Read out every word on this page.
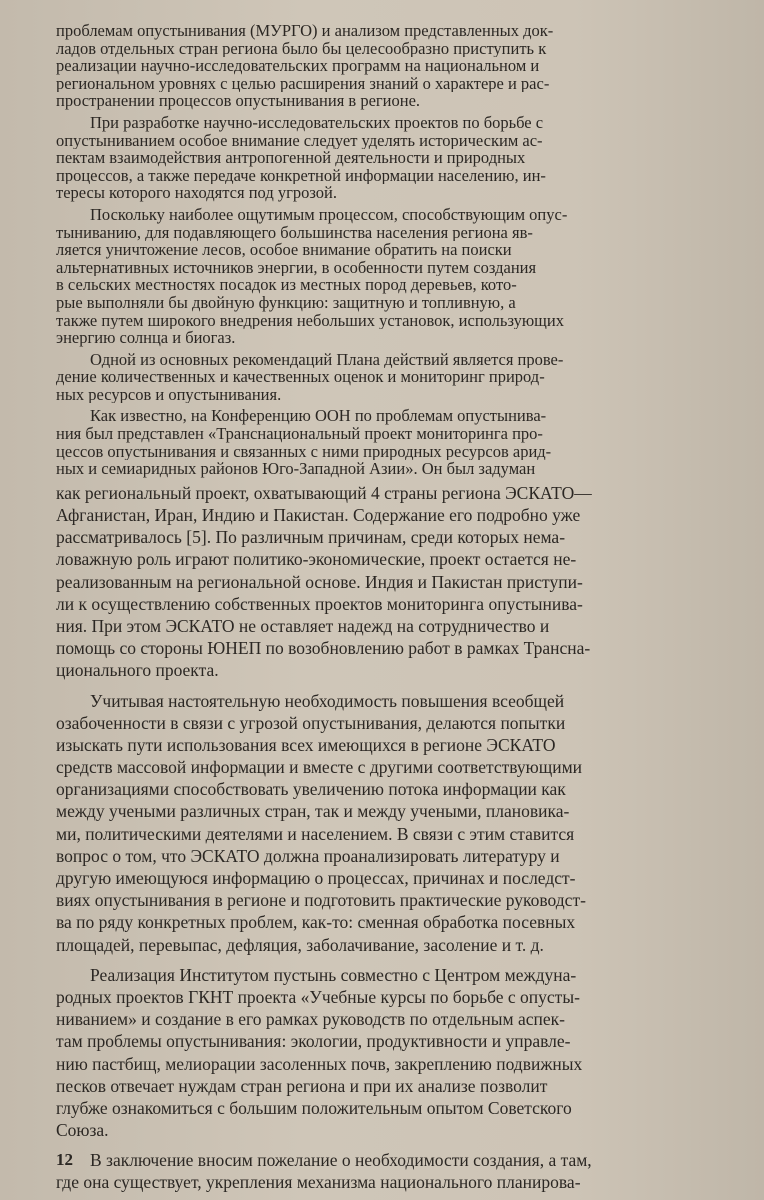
проблемам опустынивания (МУРГО) и анализом представленных док-
ладов отдельных стран региона было бы целесообразно приступить к
реализации научно-исследовательских программ на национальном и
региональном уровнях с целью расширения знаний о характере и рас-
пространении процессов опустынивания в регионе.
При разработке научно-исследовательских проектов по борьбе с
опустыниванием особое внимание следует уделять историческим ас-
пектам взаимодействия антропогенной деятельности и природных
процессов, а также передаче конкретной информации населению, ин-
тересы которого находятся под угрозой.
Поскольку наиболее ощутимым процессом, способствующим опус-
тыниванию, для подавляющего большинства населения региона яв-
ляется уничтожение лесов, особое внимание обратить на поиски
альтернативных источников энергии, в особенности путем создания
в сельских местностях посадок из местных пород деревьев, кото-
рые выполняли бы двойную функцию: защитную и топливную, а
также путем широкого внедрения небольших установок, использующих
энергию солнца и биогаз.
Одной из основных рекомендаций Плана действий является прове-
дение количественных и качественных оценок и мониторинг природ-
ных ресурсов и опустынивания.
Как известно, на Конференцию ООН по проблемам опустынива-
ния был представлен «Транснациональный проект мониторинга про-
цессов опустынивания и связанных с ними природных ресурсов арид-
ных и семиаридных районов Юго-Западной Азии». Он был задуман
как региональный проект, охватывающий 4 страны региона ЭСКАТО—
Афганистан, Иран, Индию и Пакистан. Содержание его подробно уже
рассматривалось [5]. По различным причинам, среди которых нема-
ловажную роль играют политико-экономические, проект остается не-
реализованным на региональной основе. Индия и Пакистан приступи-
ли к осуществлению собственных проектов мониторинга опустынива-
ния. При этом ЭСКАТО не оставляет надежд на сотрудничество и
помощь со стороны ЮНЕП по возобновлению работ в рамках Трансна-
ционального проекта.
Учитывая настоятельную необходимость повышения всеобщей
озабоченности в связи с угрозой опустынивания, делаются попытки
изыскать пути использования всех имеющихся в регионе ЭСКАТО
средств массовой информации и вместе с другими соответствующими
организациями способствовать увеличению потока информации как
между учеными различных стран, так и между учеными, плановика-
ми, политическими деятелями и населением. В связи с этим ставится
вопрос о том, что ЭСКАТО должна проанализировать литературу и
другую имеющуюся информацию о процессах, причинах и последст-
виях опустынивания в регионе и подготовить практические руководст-
ва по ряду конкретных проблем, как-то: сменная обработка посевных
площадей, перевыпас, дефляция, заболачивание, засоление и т. д.
Реализация Институтом пустынь совместно с Центром междуна-
родных проектов ГКНТ проекта «Учебные курсы по борьбе с опусты-
ниванием» и создание в его рамках руководств по отдельным аспек-
там проблемы опустынивания: экологии, продуктивности и управле-
нию пастбищ, мелиорации засоленных почв, закреплению подвижных
песков отвечает нуждам стран региона и при их анализе позволит
глубже ознакомиться с большим положительным опытом Советского
Союза.
В заключение вносим пожелание о необходимости создания, а там,
где она существует, укрепления механизма национального планирова-
12
